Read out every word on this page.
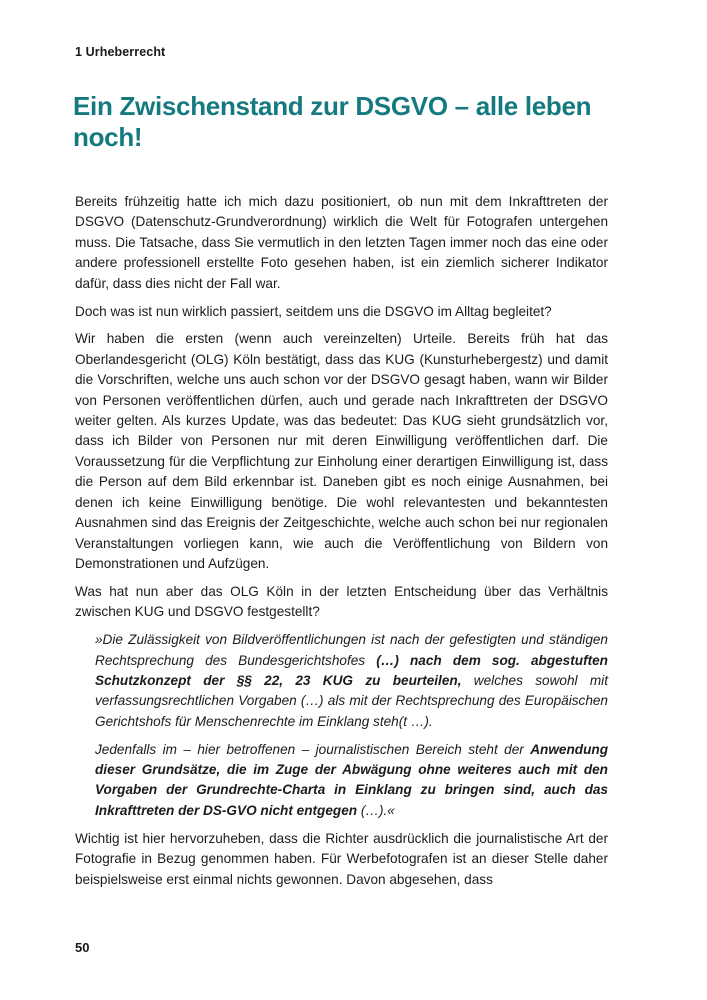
1 Urheberrecht
Ein Zwischenstand zur DSGVO – alle leben noch!

Bereits frühzeitig hatte ich mich dazu positioniert, ob nun mit dem Inkrafttreten der DSGVO (Datenschutz-Grundverordnung) wirklich die Welt für Fotografen untergehen muss. Die Tatsache, dass Sie vermutlich in den letzten Tagen immer noch das eine oder andere professionell erstellte Foto gesehen haben, ist ein ziemlich sicherer Indikator dafür, dass dies nicht der Fall war.

Doch was ist nun wirklich passiert, seitdem uns die DSGVO im Alltag begleitet?

Wir haben die ersten (wenn auch vereinzelten) Urteile. Bereits früh hat das Oberlandesgericht (OLG) Köln bestätigt, dass das KUG (Kunsturhebergestz) und damit die Vorschriften, welche uns auch schon vor der DSGVO gesagt haben, wann wir Bilder von Personen veröffentlichen dürfen, auch und gerade nach Inkrafttreten der DSGVO weiter gelten. Als kurzes Update, was das bedeutet: Das KUG sieht grundsätzlich vor, dass ich Bilder von Personen nur mit deren Einwilligung veröffentlichen darf. Die Voraussetzung für die Verpflichtung zur Einholung einer derartigen Einwilligung ist, dass die Person auf dem Bild erkennbar ist. Daneben gibt es noch einige Ausnahmen, bei denen ich keine Einwilligung benötige. Die wohl relevantesten und bekanntesten Ausnahmen sind das Ereignis der Zeitgeschichte, welche auch schon bei nur regionalen Veranstaltungen vorliegen kann, wie auch die Veröffentlichung von Bildern von Demonstrationen und Aufzügen.

Was hat nun aber das OLG Köln in der letzten Entscheidung über das Verhältnis zwischen KUG und DSGVO festgestellt?

»Die Zulässigkeit von Bildveröffentlichungen ist nach der gefestigten und ständigen Rechtsprechung des Bundesgerichtshofes (…) nach dem sog. abgestuften Schutzkonzept der §§ 22, 23 KUG zu beurteilen, welches sowohl mit verfassungsrechtlichen Vorgaben (…) als mit der Rechtsprechung des Europäischen Gerichtshofs für Menschenrechte im Einklang steh(t …).

Jedenfalls im – hier betroffenen – journalistischen Bereich steht der Anwendung dieser Grundsätze, die im Zuge der Abwägung ohne weiteres auch mit den Vorgaben der Grundrechte-Charta in Einklang zu bringen sind, auch das Inkrafttreten der DS-GVO nicht entgegen (…).«

Wichtig ist hier hervorzuheben, dass die Richter ausdrücklich die journalistische Art der Fotografie in Bezug genommen haben. Für Werbefotografen ist an dieser Stelle daher beispielsweise erst einmal nichts gewonnen. Davon abgesehen, dass

50
